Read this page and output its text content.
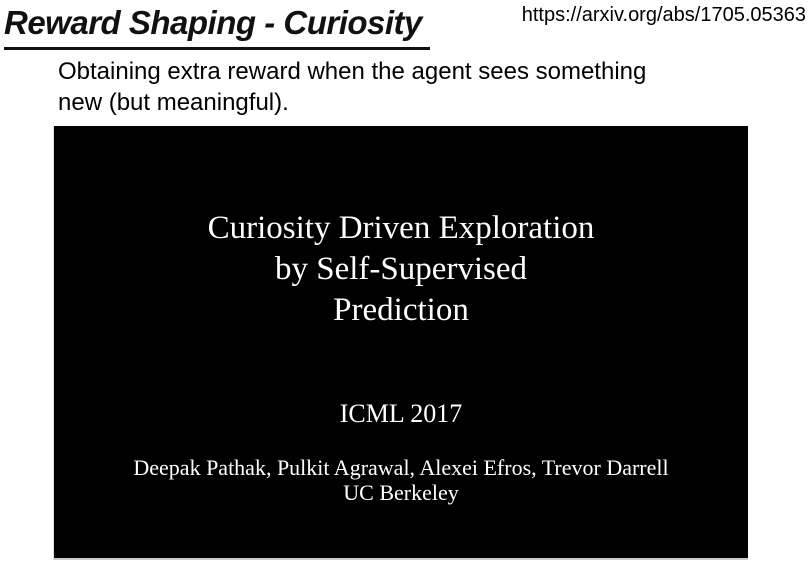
Reward Shaping - Curiosity	https://arxiv.org/abs/1705.05363

Obtaining extra reward when the agent sees something
new (but meaningful).

Curiosity Driven Exploration
by Self-Supervised
Prediction
ICML 2017
Deepak Pathak, Pulkit Agrawal, Alexei Efros, Trevor Darrell
UC Berkeley
